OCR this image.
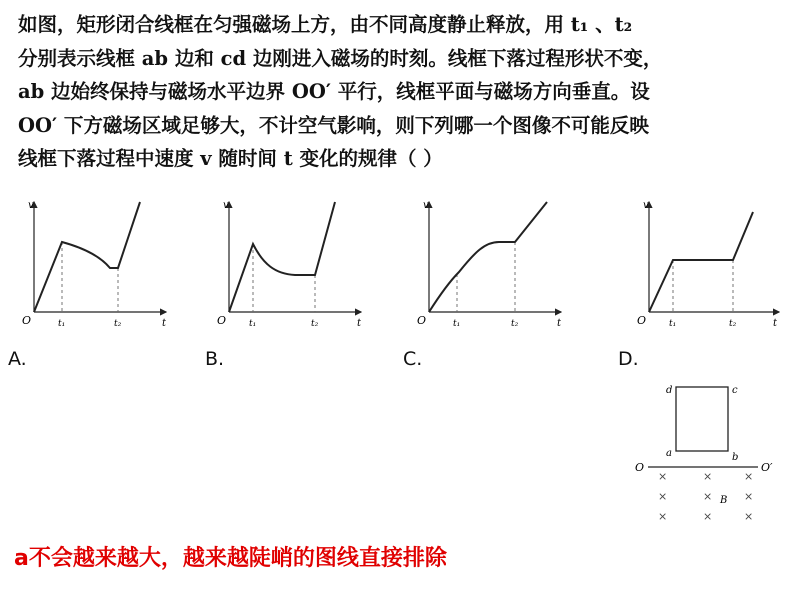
如图，矩形闭合线框在匀强磁场上方，由不同高度静止释放，用 t₁ 、t₂
分别表示线框 ab 边和 cd 边刚进入磁场的时刻。线框下落过程形状不变，
ab 边始终保持与磁场水平边界 OO′ 平行，线框平面与磁场方向垂直。设
OO′ 下方磁场区域足够大，不计空气影响，则下列哪一个图像不可能反映
线框下落过程中速度 v 随时间 t 变化的规律（ ）
v
O	t₁	t₂	t
v
O	t₁	t₂	t
v
O	t₁	t₂	t
v
O	t₁	t₂	t
A.	B.	C.	D.
d	c
a	b
O	O′
×	×	×
×	×	×
×	×	×
B
a不会越来越大，越来越陡峭的图线直接排除
